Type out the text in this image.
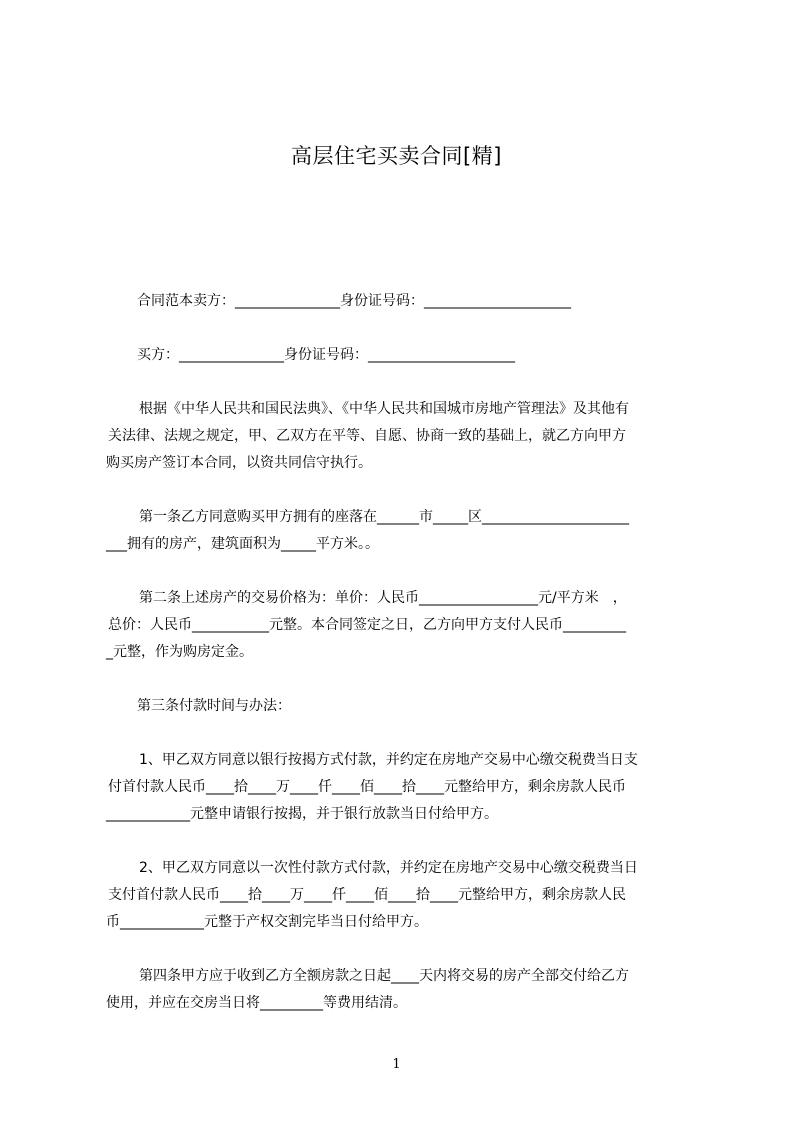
高层住宅买卖合同[精]

合同范本卖方：_______________身份证号码：_____________________

买方：_______________身份证号码：_____________________

根据《中华人民共和国民法典》、《中华人民共和国城市房地产管理法》及其他有

关法律、法规之规定，甲、乙双方在平等、自愿、协商一致的基础上，就乙方向甲方

购买房产签订本合同，以资共同信守执行。

第一条乙方同意购买甲方拥有的座落在______市_____区_____________________

___拥有的房产，建筑面积为_____平方米。。

第二条上述房产的交易价格为：单价：人民币_________________元/平方米　，

总价：人民币___________元整。本合同签定之日，乙方向甲方支付人民币_________

_元整，作为购房定金。

第三条付款时间与办法：

1、甲乙双方同意以银行按揭方式付款，并约定在房地产交易中心缴交税费当日支

付首付款人民币____拾____万____仟____佰____拾____元整给甲方，剩余房款人民币

____________元整申请银行按揭，并于银行放款当日付给甲方。

2、甲乙双方同意以一次性付款方式付款，并约定在房地产交易中心缴交税费当日

支付首付款人民币____拾____万____仟____佰____拾____元整给甲方，剩余房款人民

币____________元整于产权交割完毕当日付给甲方。

第四条甲方应于收到乙方全额房款之日起____天内将交易的房产全部交付给乙方

使用，并应在交房当日将_________等费用结清。

1
